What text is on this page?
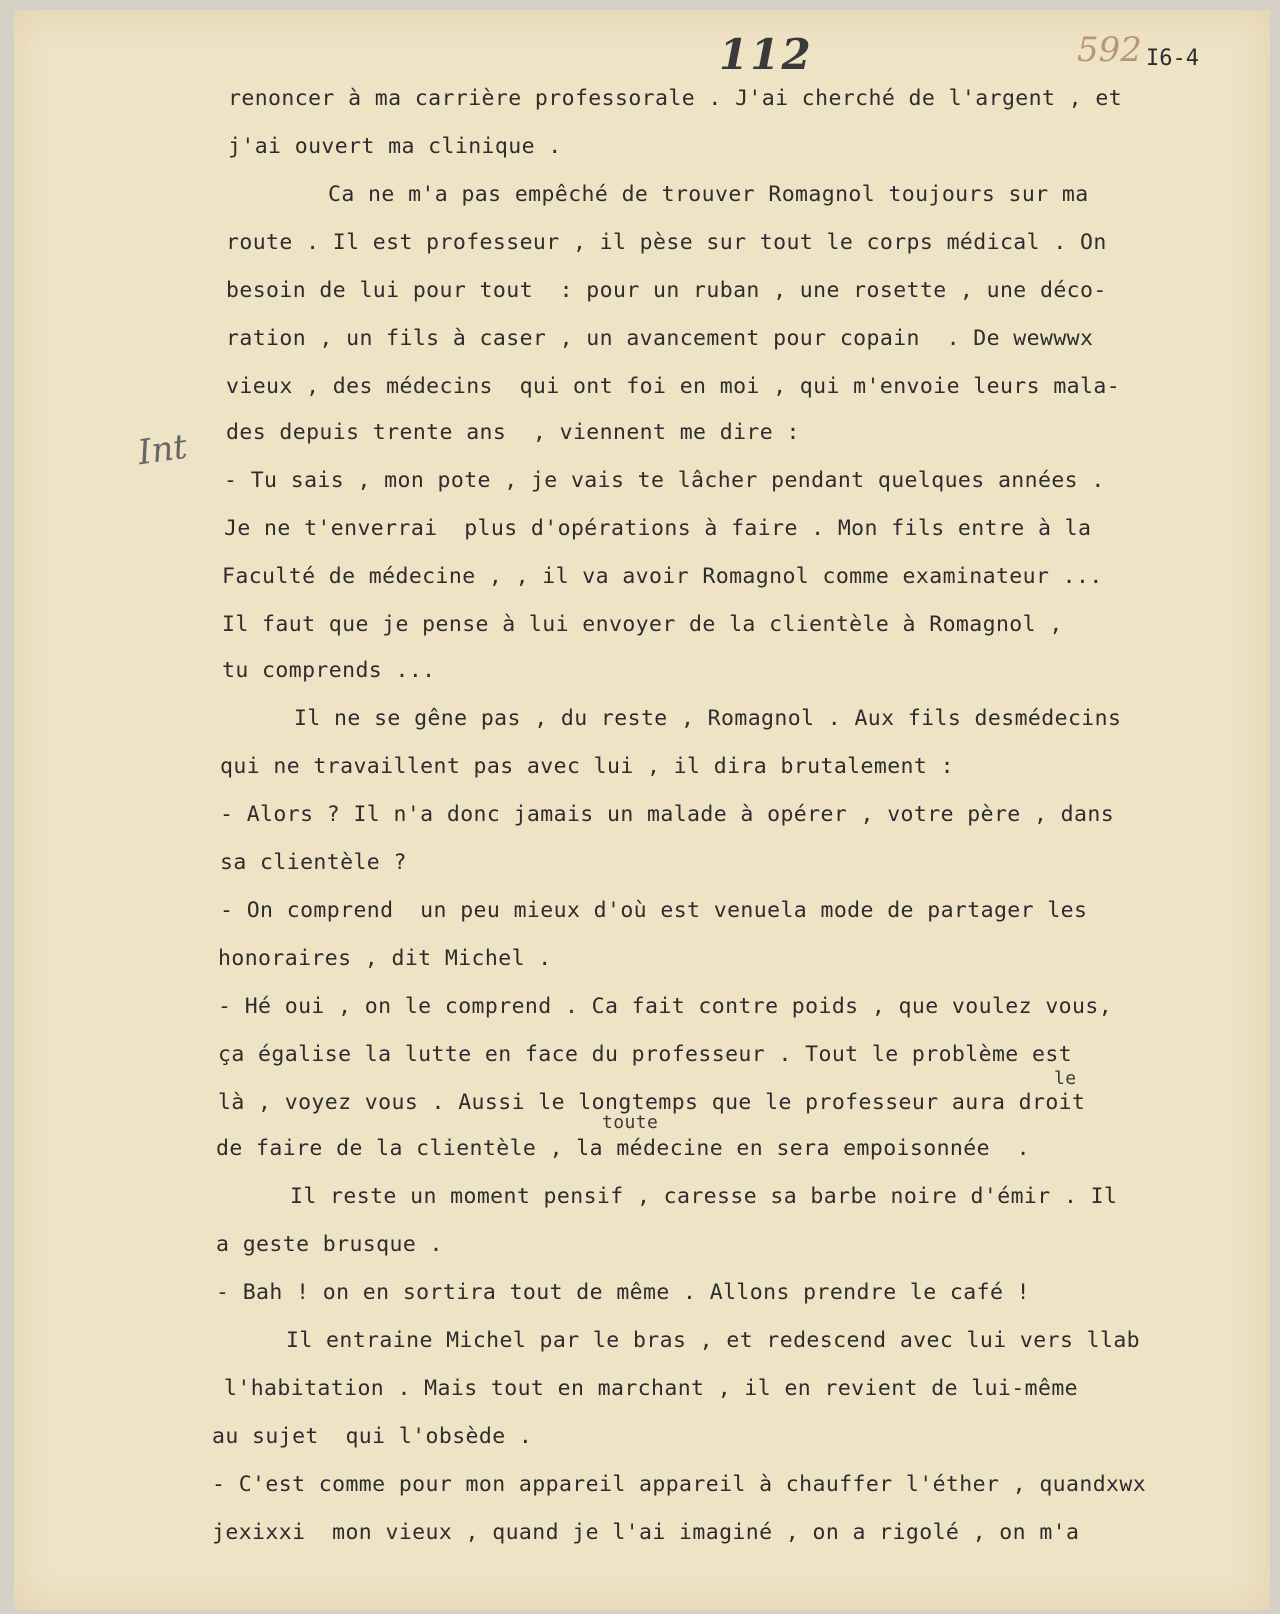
112	592 I6-4
Int
renoncer à ma carrière professorale . J'ai cherché de l'argent , et
j'ai ouvert ma clinique .
Ca ne m'a pas empêché de trouver Romagnol toujours sur ma
route . Il est professeur , il pèse sur tout le corps médical . On
besoin de lui pour tout  : pour un ruban , une rosette , une déco-
ration , un fils à caser , un avancement pour copain  . De wewwwx
vieux , des médecins  qui ont foi en moi , qui m'envoie leurs mala-
des depuis trente ans  , viennent me dire :
- Tu sais , mon pote , je vais te lâcher pendant quelques années .
Je ne t'enverrai  plus d'opérations à faire . Mon fils entre à la
Faculté de médecine , , il va avoir Romagnol comme examinateur ...
Il faut que je pense à lui envoyer de la clientèle à Romagnol ,
tu comprends ...
Il ne se gêne pas , du reste , Romagnol . Aux fils desmédecins
qui ne travaillent pas avec lui , il dira brutalement :
- Alors ? Il n'a donc jamais un malade à opérer , votre père , dans
sa clientèle ?
- On comprend  un peu mieux d'où est venuela mode de partager les
honoraires , dit Michel .
- Hé oui , on le comprend . Ca fait contre poids , que voulez vous,
ça égalise la lutte en face du professeur . Tout le problème est
le
là , voyez vous . Aussi le longtemps que le professeur aura droit
toute
de faire de la clientèle , la médecine en sera empoisonnée  .
Il reste un moment pensif , caresse sa barbe noire d'émir . Il
a geste brusque .
- Bah ! on en sortira tout de même . Allons prendre le café !
Il entraine Michel par le bras , et redescend avec lui vers llab
l'habitation . Mais tout en marchant , il en revient de lui-même
au sujet  qui l'obsède .
- C'est comme pour mon appareil appareil à chauffer l'éther , quandxwx
jexixxi  mon vieux , quand je l'ai imaginé , on a rigolé , on m'a
